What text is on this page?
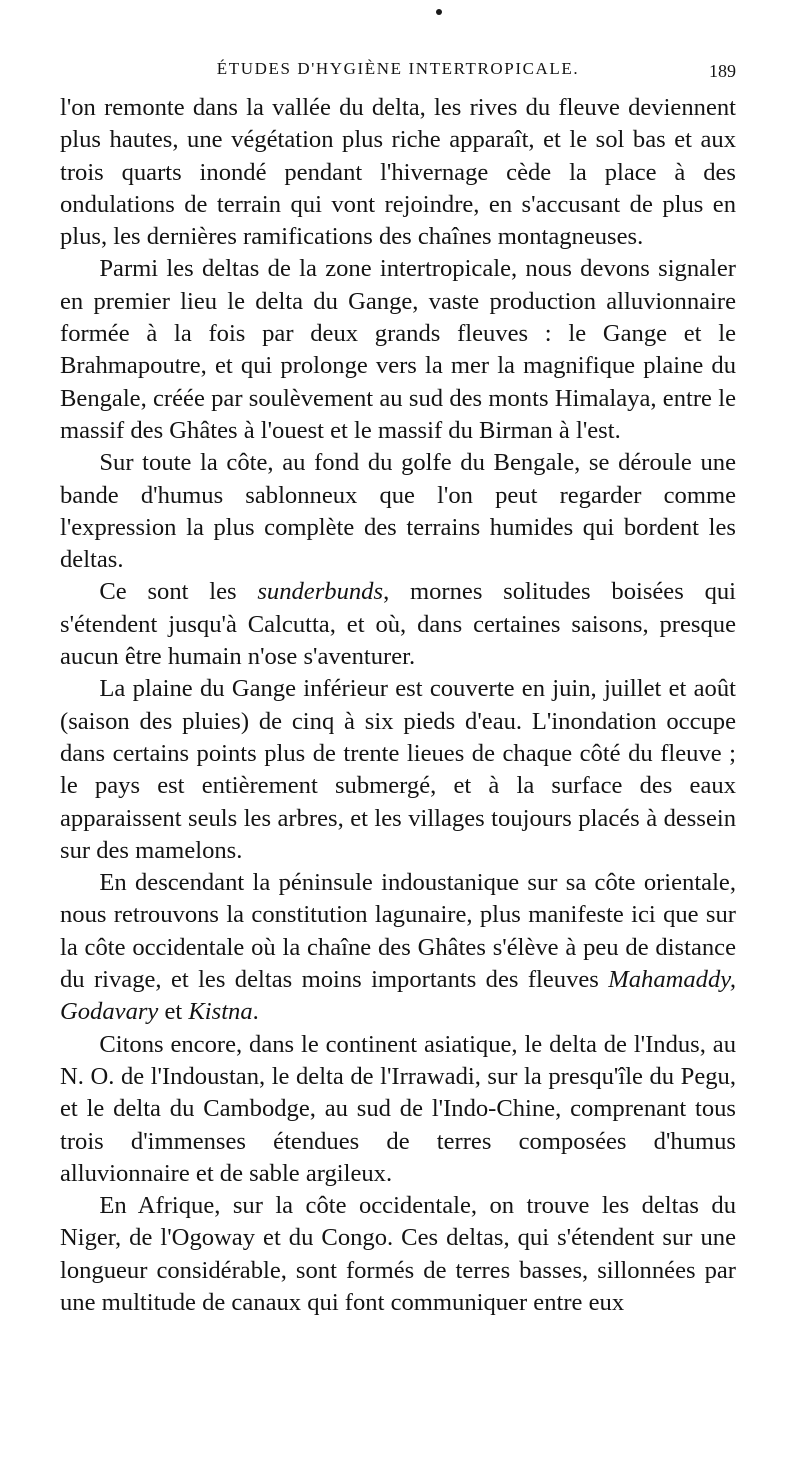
ÉTUDES D'HYGIÈNE INTERTROPICALE.	189

l'on remonte dans la vallée du delta, les rives du fleuve deviennent plus hautes, une végétation plus riche apparaît, et le sol bas et aux trois quarts inondé pendant l'hivernage cède la place à des ondulations de terrain qui vont rejoindre, en s'accusant de plus en plus, les dernières ramifications des chaînes montagneuses.

Parmi les deltas de la zone intertropicale, nous devons signaler en premier lieu le delta du Gange, vaste production alluvionnaire formée à la fois par deux grands fleuves : le Gange et le Brahmapoutre, et qui prolonge vers la mer la magnifique plaine du Bengale, créée par soulèvement au sud des monts Himalaya, entre le massif des Ghâtes à l'ouest et le massif du Birman à l'est.

Sur toute la côte, au fond du golfe du Bengale, se déroule une bande d'humus sablonneux que l'on peut regarder comme l'expression la plus complète des terrains humides qui bordent les deltas.

Ce sont les sunderbunds, mornes solitudes boisées qui s'étendent jusqu'à Calcutta, et où, dans certaines saisons, presque aucun être humain n'ose s'aventurer.

La plaine du Gange inférieur est couverte en juin, juillet et août (saison des pluies) de cinq à six pieds d'eau. L'inondation occupe dans certains points plus de trente lieues de chaque côté du fleuve ; le pays est entièrement submergé, et à la surface des eaux apparaissent seuls les arbres, et les villages toujours placés à dessein sur des mamelons.

En descendant la péninsule indoustanique sur sa côte orientale, nous retrouvons la constitution lagunaire, plus manifeste ici que sur la côte occidentale où la chaîne des Ghâtes s'élève à peu de distance du rivage, et les deltas moins importants des fleuves Mahamaddy, Godavary et Kistna.

Citons encore, dans le continent asiatique, le delta de l'Indus, au N. O. de l'Indoustan, le delta de l'Irrawadi, sur la presqu'île du Pegu, et le delta du Cambodge, au sud de l'Indo-Chine, comprenant tous trois d'immenses étendues de terres composées d'humus alluvionnaire et de sable argileux.

En Afrique, sur la côte occidentale, on trouve les deltas du Niger, de l'Ogoway et du Congo. Ces deltas, qui s'étendent sur une longueur considérable, sont formés de terres basses, sillonnées par une multitude de canaux qui font communiquer entre eux
